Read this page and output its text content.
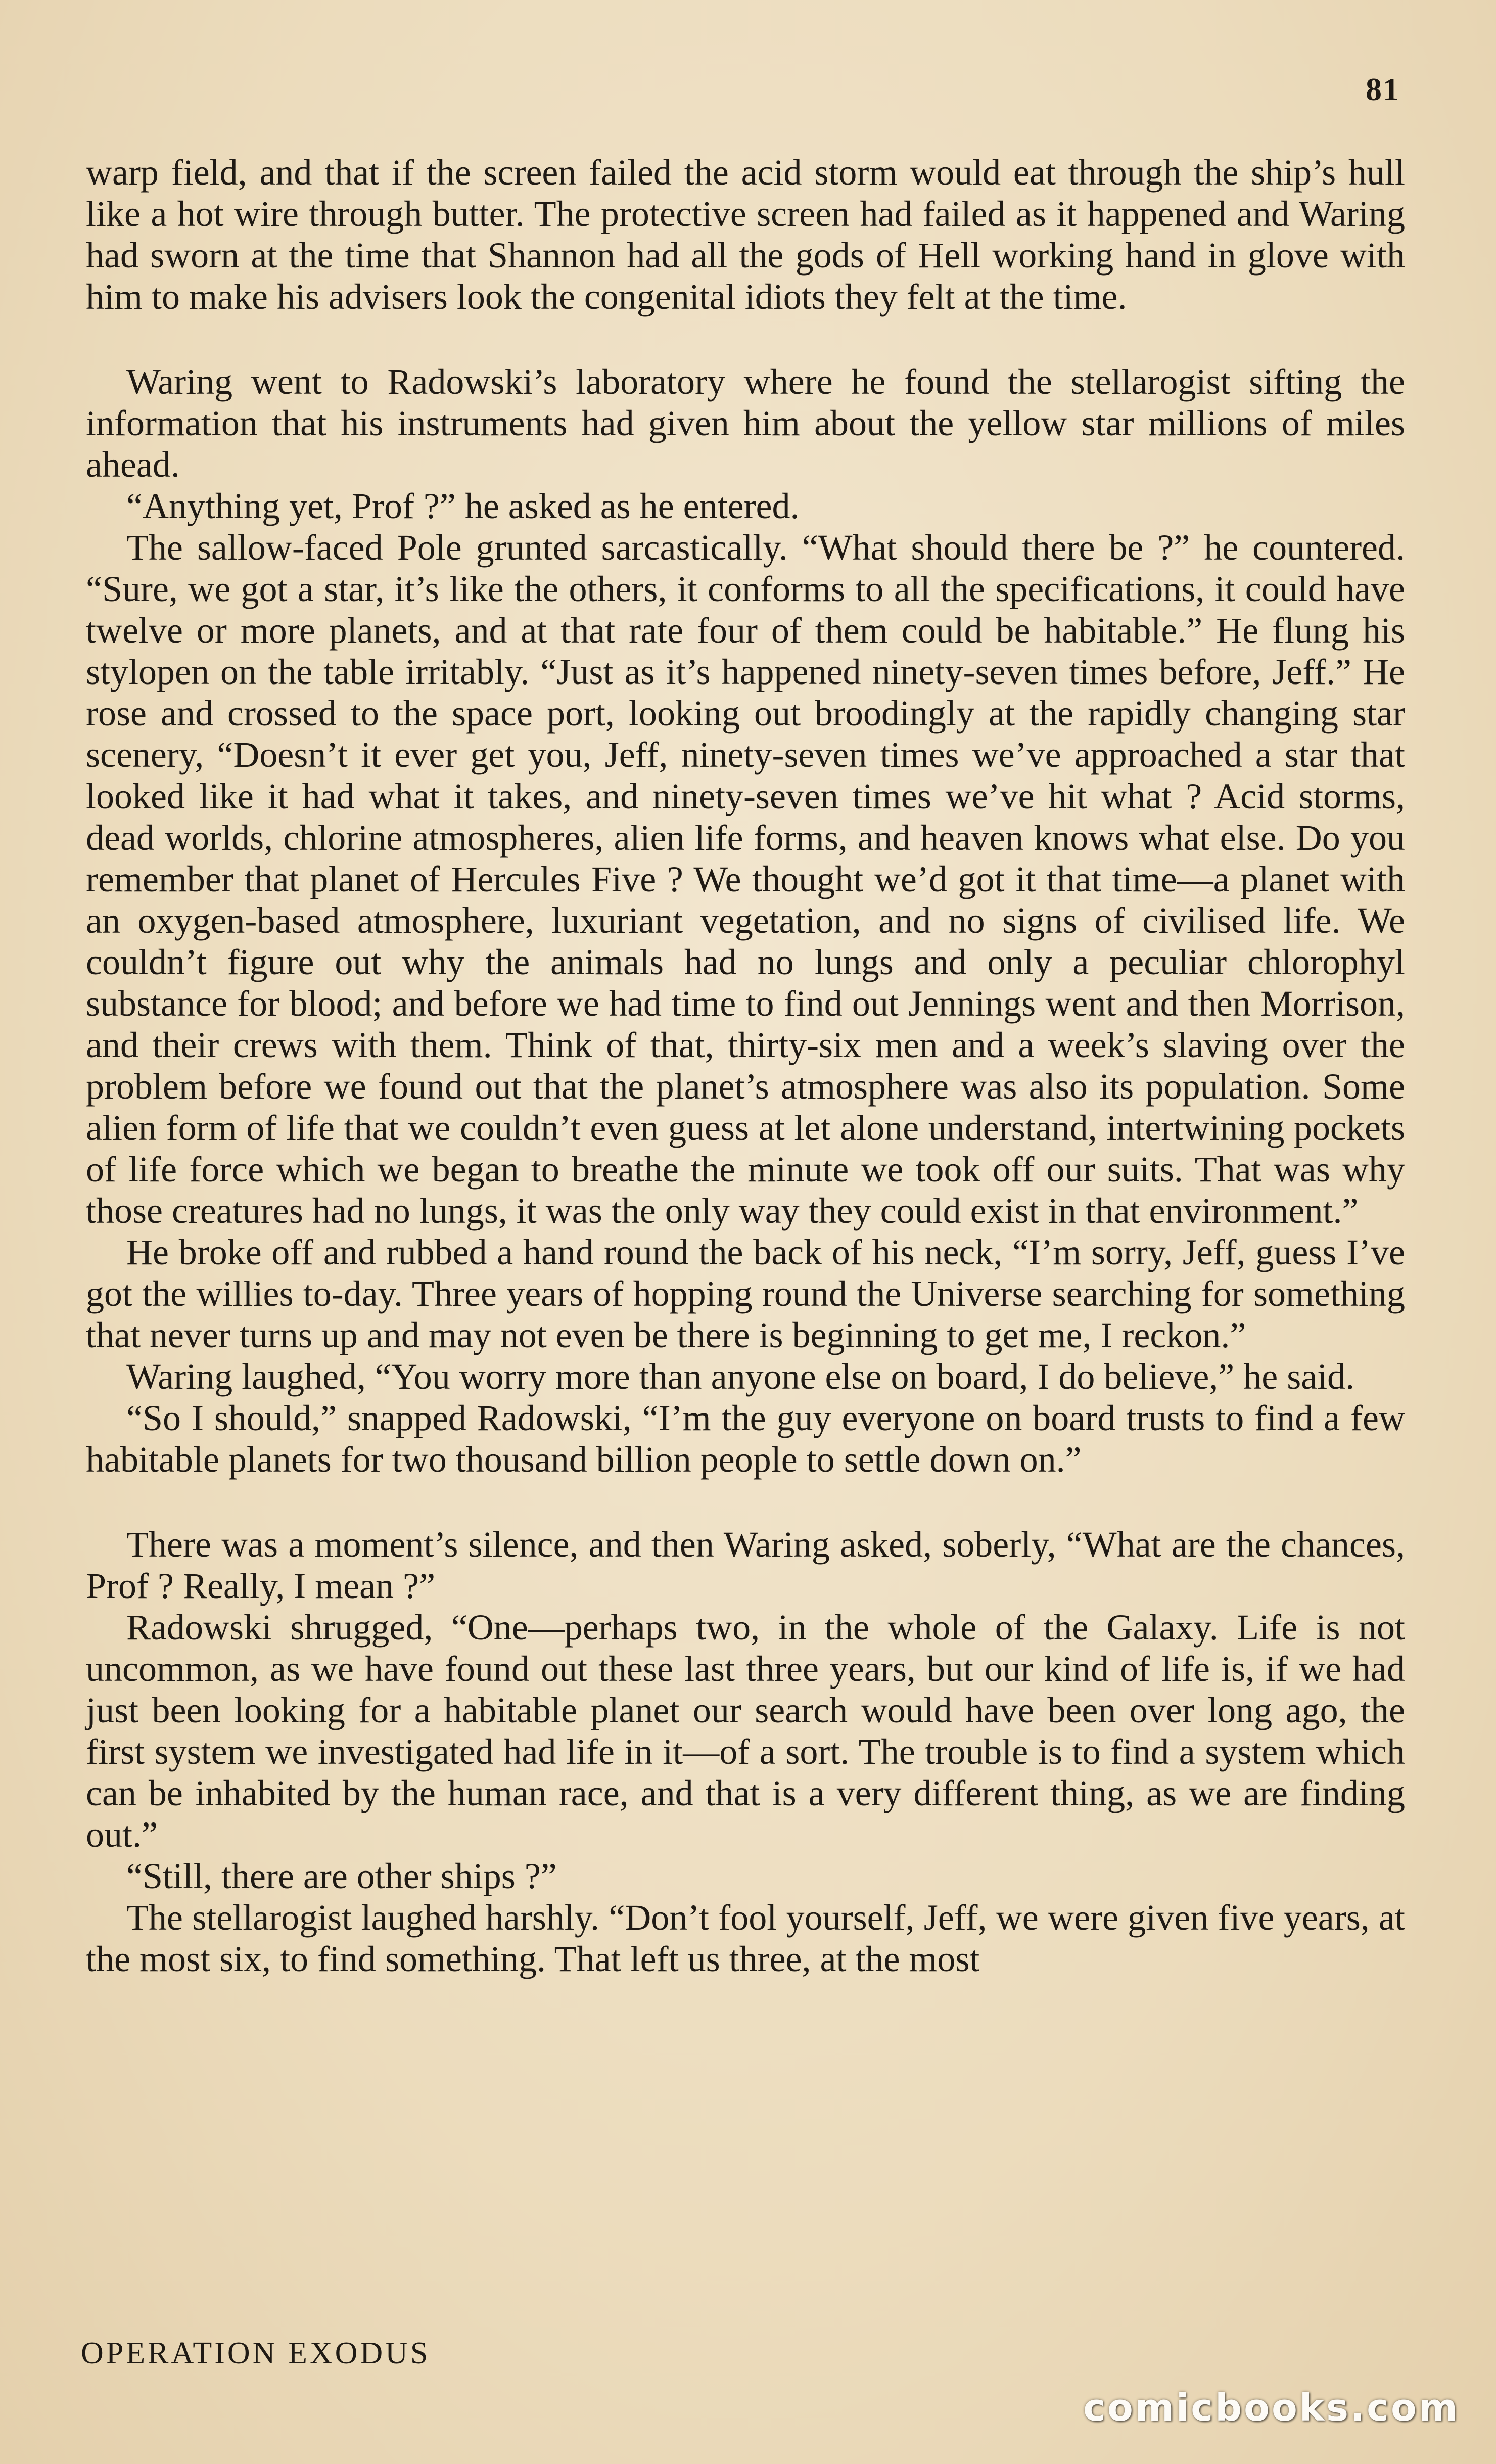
81

warp field, and that if the screen failed the acid storm would eat through the ship’s hull like a hot wire through butter. The protective screen had failed as it happened and Waring had sworn at the time that Shannon had all the gods of Hell working hand in glove with him to make his advisers look the congenital idiots they felt at the time.

Waring went to Radowski’s laboratory where he found the stellarogist sifting the information that his instruments had given him about the yellow star millions of miles ahead.

“Anything yet, Prof ?” he asked as he entered.

The sallow-faced Pole grunted sarcastically. “What should there be ?” he countered. “Sure, we got a star, it’s like the others, it conforms to all the specifications, it could have twelve or more planets, and at that rate four of them could be habitable.” He flung his stylopen on the table irritably. “Just as it’s happened ninety-seven times before, Jeff.” He rose and crossed to the space port, looking out broodingly at the rapidly changing star scenery, “Doesn’t it ever get you, Jeff, ninety-seven times we’ve approached a star that looked like it had what it takes, and ninety-seven times we’ve hit what ? Acid storms, dead worlds, chlorine atmospheres, alien life forms, and heaven knows what else. Do you remember that planet of Hercules Five ? We thought we’d got it that time—a planet with an oxygen-based atmosphere, luxuriant vegetation, and no signs of civilised life. We couldn’t figure out why the animals had no lungs and only a peculiar chlorophyl substance for blood; and before we had time to find out Jennings went and then Morrison, and their crews with them. Think of that, thirty-six men and a week’s slaving over the problem before we found out that the planet’s atmosphere was also its population. Some alien form of life that we couldn’t even guess at let alone understand, intertwining pockets of life force which we began to breathe the minute we took off our suits. That was why those creatures had no lungs, it was the only way they could exist in that environment.”

He broke off and rubbed a hand round the back of his neck, “I’m sorry, Jeff, guess I’ve got the willies to-day. Three years of hopping round the Universe searching for something that never turns up and may not even be there is beginning to get me, I reckon.”

Waring laughed, “You worry more than anyone else on board, I do believe,” he said.

“So I should,” snapped Radowski, “I’m the guy everyone on board trusts to find a few habitable planets for two thousand billion people to settle down on.”

There was a moment’s silence, and then Waring asked, soberly, “What are the chances, Prof ? Really, I mean ?”

Radowski shrugged, “One—perhaps two, in the whole of the Galaxy. Life is not uncommon, as we have found out these last three years, but our kind of life is, if we had just been looking for a habitable planet our search would have been over long ago, the first system we investigated had life in it—of a sort. The trouble is to find a system which can be inhabited by the human race, and that is a very different thing, as we are finding out.”

“Still, there are other ships ?”

The stellarogist laughed harshly. “Don’t fool yourself, Jeff, we were given five years, at the most six, to find something. That left us three, at the most

OPERATION EXODUS
comicbooks.com
